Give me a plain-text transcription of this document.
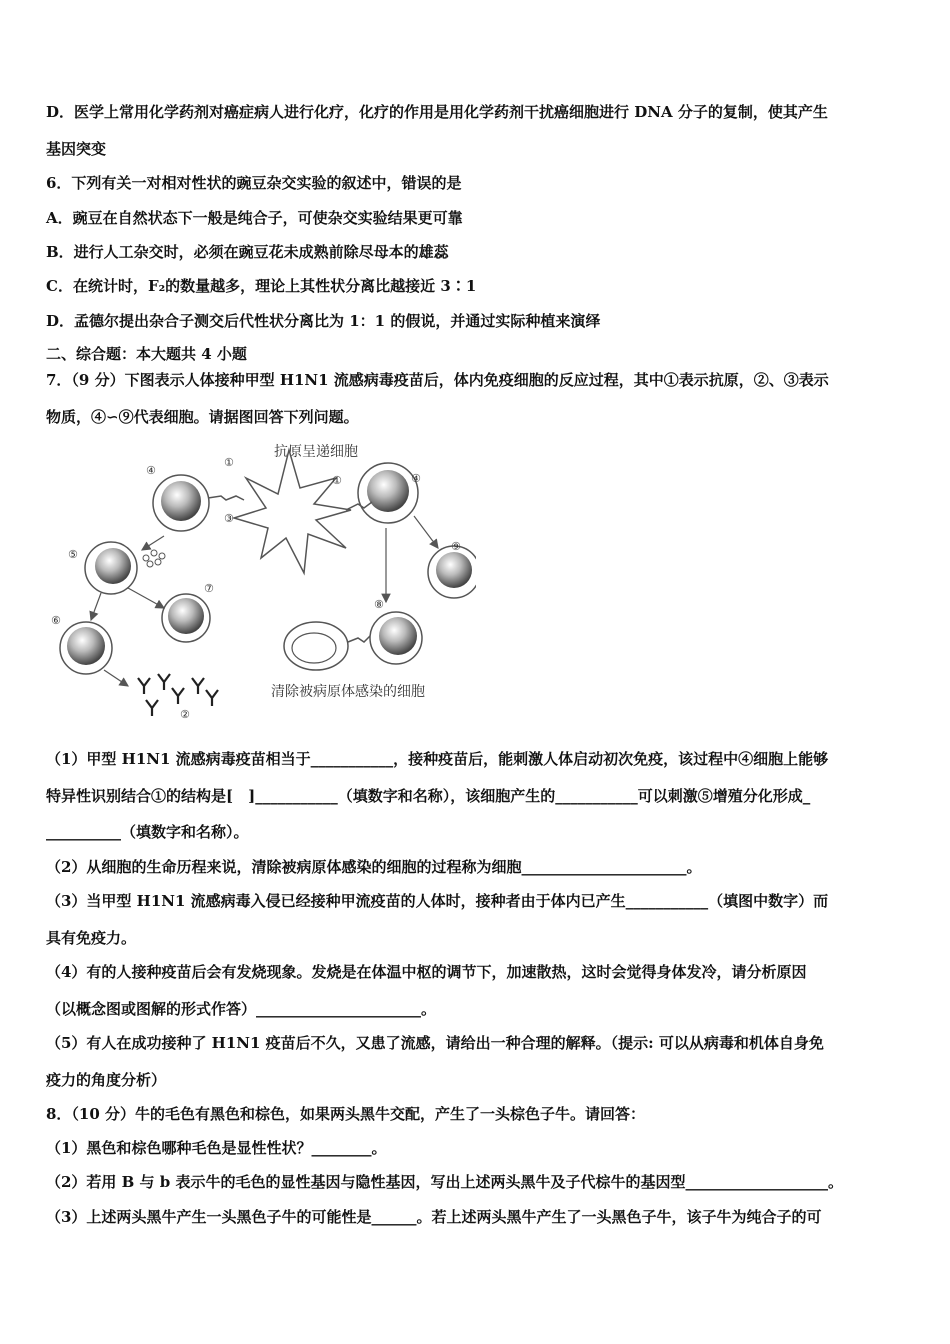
D．医学上常用化学药剂对癌症病人进行化疗，化疗的作用是用化学药剂干扰癌细胞进行 DNA 分子的复制，使其产生
基因突变
6．下列有关一对相对性状的豌豆杂交实验的叙述中，错误的是
A．豌豆在自然状态下一般是纯合子，可使杂交实验结果更可靠
B．进行人工杂交时，必须在豌豆花未成熟前除尽母本的雄蕊
C．在统计时，F₂的数量越多，理论上其性状分离比越接近 3∶1
D．孟德尔提出杂合子测交后代性状分离比为 1：1 的假说，并通过实际种植来演绎
二、综合题：本大题共 4 小题
7．（9 分）下图表示人体接种甲型 H1N1 流感病毒疫苗后，体内免疫细胞的反应过程，其中①表示抗原，②、③表示
物质，④∽⑨代表细胞。请据图回答下列问题。
抗原呈递细胞
④
①
③
④
①
⑤
⑦
⑥
②
⑨
⑧
清除被病原体感染的细胞
（1）甲型 H1N1 流感病毒疫苗相当于___________，接种疫苗后，能刺激人体启动初次免疫，该过程中④细胞上能够
特异性识别结合①的结构是[　]___________（填数字和名称），该细胞产生的___________可以刺激⑤增殖分化形成_
__________（填数字和名称）。
（2）从细胞的生命历程来说，清除被病原体感染的细胞的过程称为细胞______________________。
（3）当甲型 H1N1 流感病毒入侵已经接种甲流疫苗的人体时，接种者由于体内已产生___________（填图中数字）而
具有免疫力。
（4）有的人接种疫苗后会有发烧现象。发烧是在体温中枢的调节下，加速散热，这时会觉得身体发冷，请分析原因
（以概念图或图解的形式作答）______________________。
（5）有人在成功接种了 H1N1 疫苗后不久，又患了流感，请给出一种合理的解释。（提示: 可以从病毒和机体自身免
疫力的角度分析）
8．（10 分）牛的毛色有黑色和棕色，如果两头黑牛交配，产生了一头棕色子牛。请回答：
（1）黑色和棕色哪种毛色是显性性状？________。
（2）若用 B 与 b 表示牛的毛色的显性基因与隐性基因，写出上述两头黑牛及子代棕牛的基因型___________________。
（3）上述两头黑牛产生一头黑色子牛的可能性是______。若上述两头黑牛产生了一头黑色子牛，该子牛为纯合子的可
